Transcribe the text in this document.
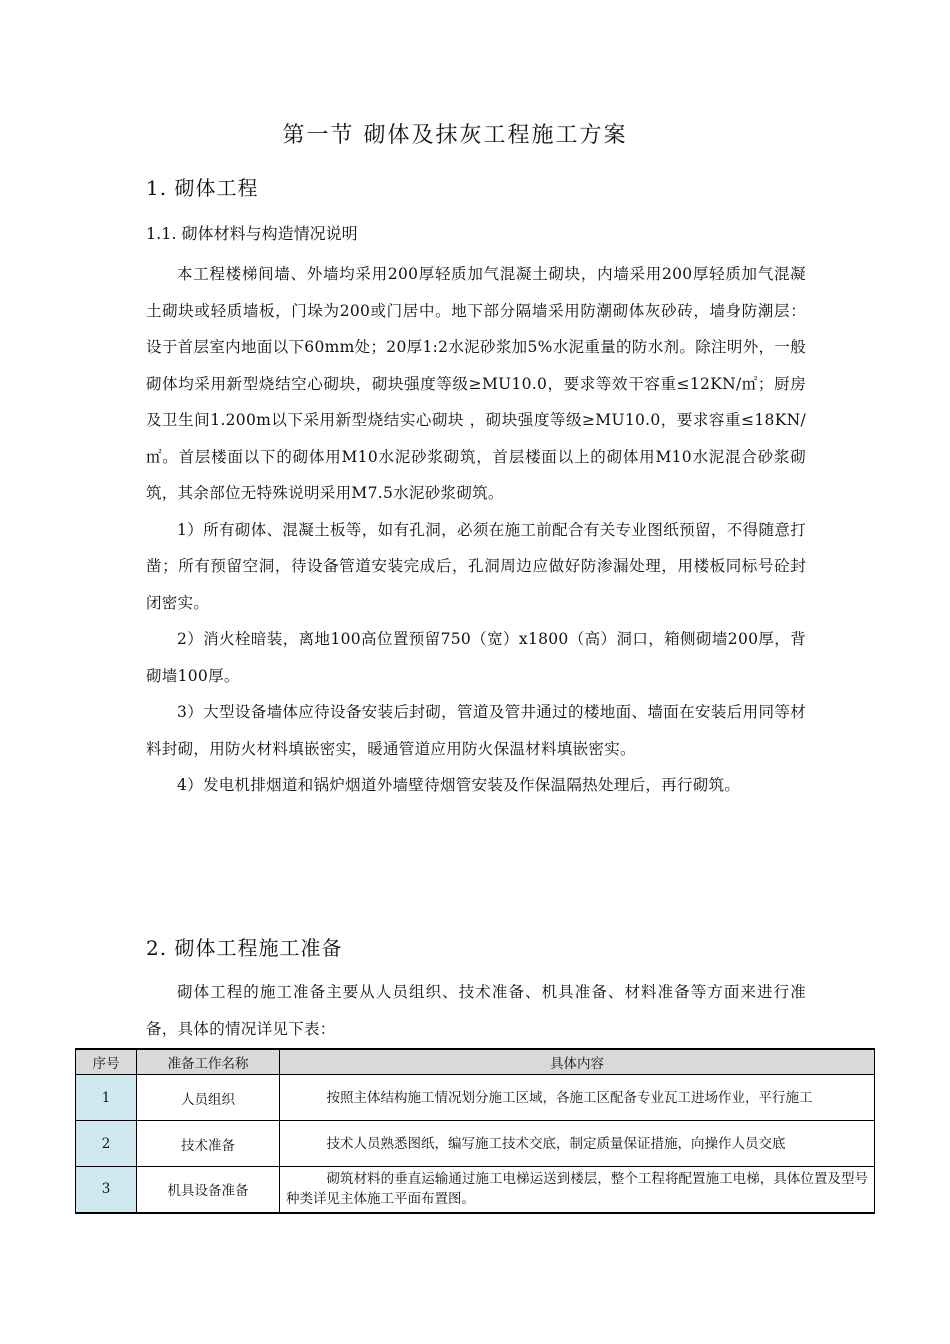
第一节 砌体及抹灰工程施工方案
1. 砌体工程
1.1. 砌体材料与构造情况说明

本工程楼梯间墙、外墙均采用200厚轻质加气混凝土砌块，内墙采用200厚轻质加气混凝土砌块或轻质墙板，门垛为200或门居中。地下部分隔墙采用防潮砌体灰砂砖，墙身防潮层：设于首层室内地面以下60mm处；20厚1:2水泥砂浆加5%水泥重量的防水剂。除注明外，一般砌体均采用新型烧结空心砌块，砌块强度等级≥MU10.0，要求等效干容重≤12KN/㎡；厨房及卫生间1.200m以下采用新型烧结实心砌块 ，砌块强度等级≥MU10.0，要求容重≤18KN/㎡。首层楼面以下的砌体用M10水泥砂浆砌筑，首层楼面以上的砌体用M10水泥混合砂浆砌筑，其余部位无特殊说明采用M7.5水泥砂浆砌筑。

1）所有砌体、混凝土板等，如有孔洞，必须在施工前配合有关专业图纸预留，不得随意打凿；所有预留空洞，待设备管道安装完成后，孔洞周边应做好防渗漏处理，用楼板同标号砼封闭密实。

2）消火栓暗装，离地100高位置预留750（宽）x1800（高）洞口，箱侧砌墙200厚，背砌墙100厚。

3）大型设备墙体应待设备安装后封砌，管道及管井通过的楼地面、墙面在安装后用同等材料封砌，用防火材料填嵌密实，暖通管道应用防火保温材料填嵌密实。

4）发电机排烟道和锅炉烟道外墙壁待烟管安装及作保温隔热处理后，再行砌筑。

2. 砌体工程施工准备

砌体工程的施工准备主要从人员组织、技术准备、机具准备、材料准备等方面来进行准备，具体的情况详见下表：

序号	准备工作名称	具体内容
1	人员组织	按照主体结构施工情况划分施工区域，各施工区配备专业瓦工进场作业，平行施工
2	技术准备	技术人员熟悉图纸，编写施工技术交底，制定质量保证措施，向操作人员交底
3	机具设备准备	砌筑材料的垂直运输通过施工电梯运送到楼层，整个工程将配置施工电梯，具体位置及型号种类详见主体施工平面布置图。
